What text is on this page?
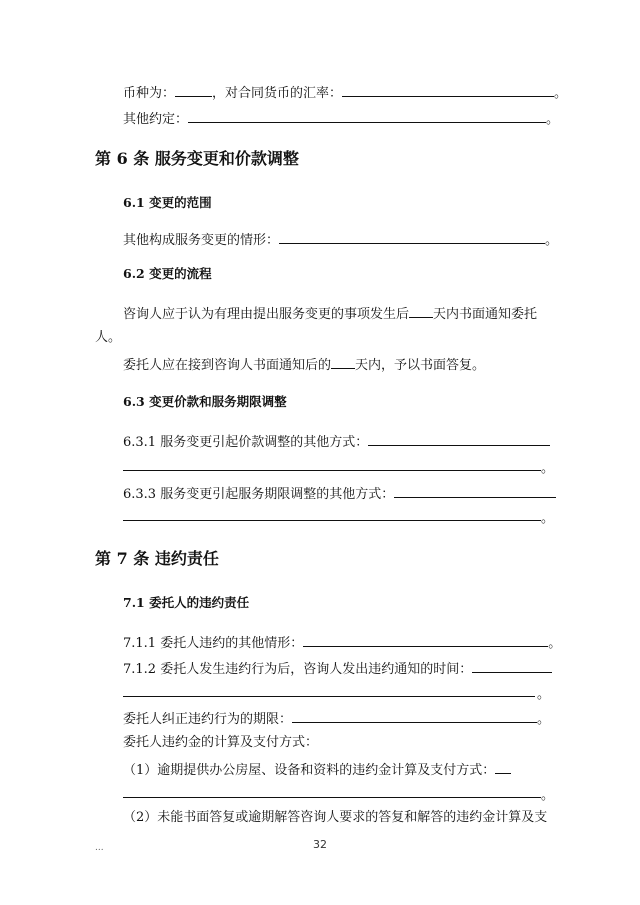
币种为：	，对合同货币的汇率：	。
其他约定：	。
第 6 条 服务变更和价款调整
6.1 变更的范围
其他构成服务变更的情形：	。
6.2 变更的流程
咨询人应于认为有理由提出服务变更的事项发生后 天内书面通知委托
人。
委托人应在接到咨询人书面通知后的 天内，予以书面答复。
6.3 变更价款和服务期限调整
6.3.1 服务变更引起价款调整的其他方式：
。
6.3.3 服务变更引起服务期限调整的其他方式：
。
第 7 条 违约责任
7.1 委托人的违约责任
7.1.1 委托人违约的其他情形：	。
7.1.2 委托人发生违约行为后，咨询人发出违约通知的时间：
。
委托人纠正违约行为的期限：	。
委托人违约金的计算及支付方式：
（1）逾期提供办公房屋、设备和资料的违约金计算及支付方式：
。
（2）未能书面答复或逾期解答咨询人要求的答复和解答的违约金计算及支
...	32
